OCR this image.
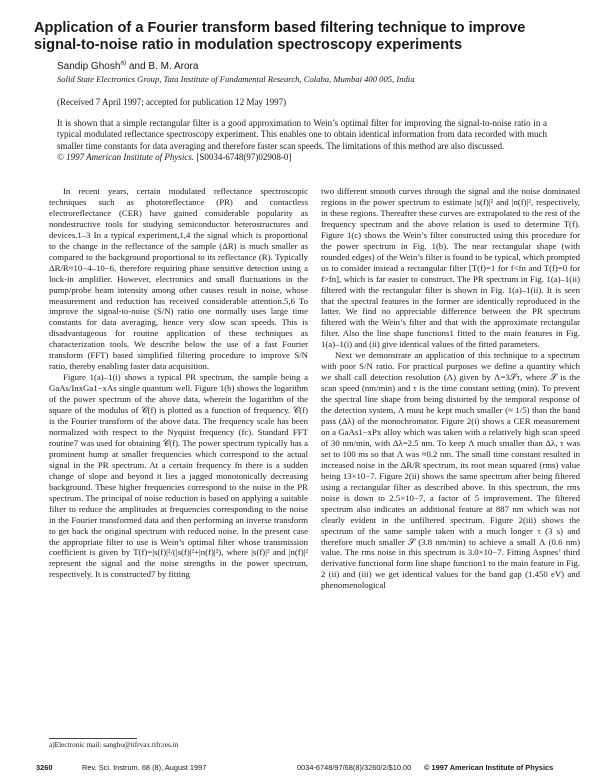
Application of a Fourier transform based filtering technique to improve signal-to-noise ratio in modulation spectroscopy experiments
Sandip Ghosh$^{a)}$ and B. M. Arora
Solid State Electronics Group, Tata Institute of Fundamental Research, Colaba, Mumbai 400 005, India
(Received 7 April 1997; accepted for publication 12 May 1997)
It is shown that a simple rectangular filter is a good approximation to Wein’s optimal filter for improving the signal-to-noise ratio in a typical modulated reflectance spectroscopy experiment. This enables one to obtain identical information from data recorded with much smaller time constants for data averaging and therefore faster scan speeds. The limitations of this method are also discussed.
© 1997 American Institute of Physics. [S0034-6748(97)02908-0]

In recent years, certain modulated reflectance spectroscopic techniques such as photoreflectance (PR) and contactless electroreflectance (CER) have gained considerable popularity as nondestructive tools for studying semiconductor heterostructures and devices.1–3 In a typical experiment,1,4 the signal which is proportional to the change in the reflectance of the sample (ΔR) is much smaller as compared to the background proportional to its reflectance (R). Typically ΔR/R≈10−4–10−6, therefore requiring phase sensitive detection using a lock-in amplifier. However, electronics and small fluctuations in the pump/probe beam intensity among other causes result in noise, whose measurement and reduction has received considerable attention.5,6 To improve the signal-to-noise (S/N) ratio one normally uses large time constants for data averaging, hence very slow scan speeds. This is disadvantageous for routine application of these techniques as characterization tools. We describe below the use of a fast Fourier transform (FFT) based simplified filtering procedure to improve S/N ratio, thereby enabling faster data acquisition.

Figure 1(a)–1(i) shows a typical PR spectrum, the sample being a GaAs/InxGa1−xAs single quantum well. Figure 1(b) shows the logarithm of the power spectrum of the above data, wherein the logarithm of the square of the modulus of 𝒞(f) is plotted as a function of frequency. 𝒞(f) is the Fourier transform of the above data. The frequency scale has been normalized with respect to the Nyquist frequency (fc). Standard FFT routine7 was used for obtaining 𝒞(f). The power spectrum typically has a prominent hump at smaller frequencies which correspond to the actual signal in the PR spectrum. At a certain frequency fn there is a sudden change of slope and beyond it lies a jagged monotonically decreasing background. These higher frequencies correspond to the noise in the PR spectrum. The principal of noise reduction is based on applying a suitable filter to reduce the amplitudes at frequencies corresponding to the noise in the Fourier transformed data and then performing an inverse transform to get back the original spectrum with reduced noise. In the present case the appropriate filter to use is Wein’s optimal filter whose transmission coefficient is given by T(f)=|s(f)|²/(|s(f)|²+|n(f)|²), where |s(f)|² and |n(f)|² represent the signal and the noise strengths in the power spectrum, respectively. It is constructed7 by fitting

two different smooth curves through the signal and the noise dominated regions in the power spectrum to estimate |s(f)|² and |n(f)|², respectively, in these regions. Thereafter these curves are extrapolated to the rest of the frequency spectrum and the above relation is used to determine T(f). Figure 1(c) shows the Wein’s filter constructed using this procedure for the power spectrum in Fig. 1(b). The near rectangular shape (with rounded edges) of the Wein’s filter is found to be typical, which prompted us to consider instead a rectangular filter [T(f)=1 for f<fn and T(f)=0 for f>fn], which is far easier to construct. The PR spectrum in Fig. 1(a)–1(ii) filtered with the rectangular filter is shown in Fig. 1(a)–1(ii). It is seen that the spectral features in the former are identically reproduced in the latter. We find no appreciable difference between the PR spectrum filtered with the Wein’s filter and that with the approximate rectangular filter. Also the line shape functions1 fitted to the main features in Fig. 1(a)–1(i) and (ii) give identical values of the fitted parameters.

Next we demonstrate an application of this technique to a spectrum with poor S/N ratio. For practical purposes we define a quantity which we shall call detection resolution (Λ) given by Λ=3𝒮τ, where 𝒮 is the scan speed (nm/min) and τ is the time constant setting (min). To prevent the spectral line shape from being distorted by the temporal response of the detection system, Λ must be kept much smaller (≈ 1/5) than the band pass (Δλ) of the monochromator. Figure 2(i) shows a CER measurement on a GaAs1−xPx alloy which was taken with a relatively high scan speed of 30 nm/min, with Δλ=2.5 nm. To keep Λ much smaller than Δλ, τ was set to 100 ms so that Λ was ≈0.2 nm. The small time constant resulted in increased noise in the ΔR/R spectrum, its root mean squared (rms) value being 13×10−7. Figure 2(ii) shows the same spectrum after being filtered using a rectangular filter as described above. In this spectrum, the rms noise is down to 2.5×10−7, a factor of 5 improvement. The filtered spectrum also indicates an additional feature at 887 nm which was not clearly evident in the unfiltered spectrum. Figure 2(iii) shows the spectrum of the same sample taken with a much longer τ (3 s) and therefore much smaller 𝒮 (3.8 nm/min) to achieve a small Λ (0.6 nm) value. The rms noise in this spectrum is 3.0×10−7. Fitting Aspnes’ third derivative functional form line shape function1 to the main feature in Fig. 2 (ii) and (iii) we get identical values for the band gap (1.450 eV) and phenomenological

a)Electronic mail: sangho@tifrvax.tifr.res.in
3260	Rev. Sci. Instrum. 68 (8), August 1997	0034-6748/97/68(8)/3260/2/$10.00 © 1997 American Institute of Physics
